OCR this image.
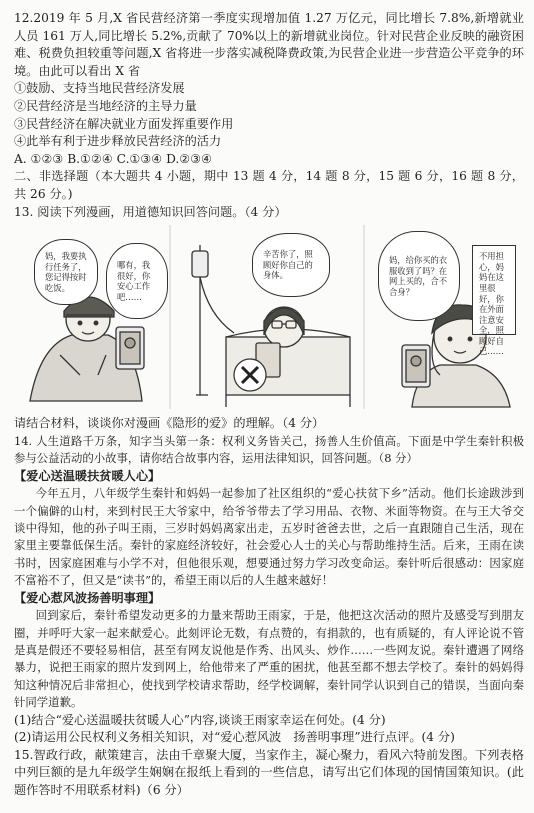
12.2019 年 5 月,X 省民营经济第一季度实现增加值 1.27 万亿元，同比增长 7.8%,新增就业人员 161 万人,同比增长 5.2%,贡献了 70%以上的新增就业岗位。针对民营企业反映的融资困难、税费负担较重等问题,X 省将进一步落实减税降费政策,为民营企业进一步营造公平竞争的环境。由此可以看出 X 省

①鼓励、支持当地民营经济发展

②民营经济是当地经济的主导力量

③民营经济在解决就业方面发挥重要作用

④此举有利于进步释放民营经济的活力

A. ①②③ B.①②④ C.①③④ D.②③④

二、非选择题（本大题共 4 小题，期中 13 题 4 分，14 题 8 分，15 题 6 分，16 题 8 分，共 26 分。)

13. 阅读下列漫画，用道德知识回答问题。（4 分）

妈，我要执行任务了，您记得按时吃饭。
哪有，我很好，你安心工作吧……
辛苦你了，照顾好你自己的身体。
不用担心，妈妈在这里很好，你在外面注意安全，照顾好自己……
妈，给你买的衣服收到了吗？在网上买的，合不合身？

请结合材料，谈谈你对漫画《隐形的爱》的理解。（4 分）

14. 人生道路千万条，知字当头第一条：权利义务皆关己，扬善人生价值高。下面是中学生秦针积极参与公益活动的小故事，请你结合故事内容，运用法律知识，回答问题。（8 分）

【爱心送温暖扶贫暖人心】

今年五月，八年级学生秦针和妈妈一起参加了社区组织的“爱心扶贫下乡”活动。他们长途跋涉到一个偏僻的山村，来到村民王大爷家中，给爷爷带去了学习用品、衣物、米面等物资。在与王大爷交谈中得知，他的孙子叫王雨，三岁时妈妈离家出走，五岁时爸爸去世，之后一直跟随自己生活，现在家里主要靠低保生活。秦针的家庭经济较好，社会爱心人士的关心与帮助维持生活。后来，王雨在读书时，因家庭困难与小学不对，但他很乐观，想要通过努力学习改变命运。秦针听后很感动：因家庭不富裕不了，但又是“读书”的，希望王雨以后的人生越来越好！

【爱心惹风波扬善明事理】

回到家后，秦针希望发动更多的力量来帮助王雨家，于是，他把这次活动的照片及感受写到朋友圈，并呼吁大家一起来献爱心。此刻评论无数，有点赞的，有捐款的，也有质疑的，有人评论说不管是真是假还不要轻易相信，甚至有网友说他是作秀、出风头、炒作……一些网友说。秦针遭遇了网络暴力，说把王雨家的照片发到网上，给他带来了严重的困扰，他甚至都不想去学校了。秦针的妈妈得知这种情况后非常担心，使找到学校请求帮助，经学校调解，秦针同学认识到自己的错误，当面向秦针同学道歉。

(1)结合“爱心送温暖扶贫暖人心”内容,谈谈王雨家幸运在何处。(4 分)

(2)请运用公民权利义务相关知识，对“爱心惹风波　扬善明事理”进行点评。(4 分)

15.智政行政，献策建言，法由千章聚大厦，当家作主，凝心聚力，看风六特前发图。下列表格中列巨额的是九年级学生娴娴在报纸上看到的一些信息，请写出它们体现的国情国策知识。(此题作答时不用联系材料)（6 分）
